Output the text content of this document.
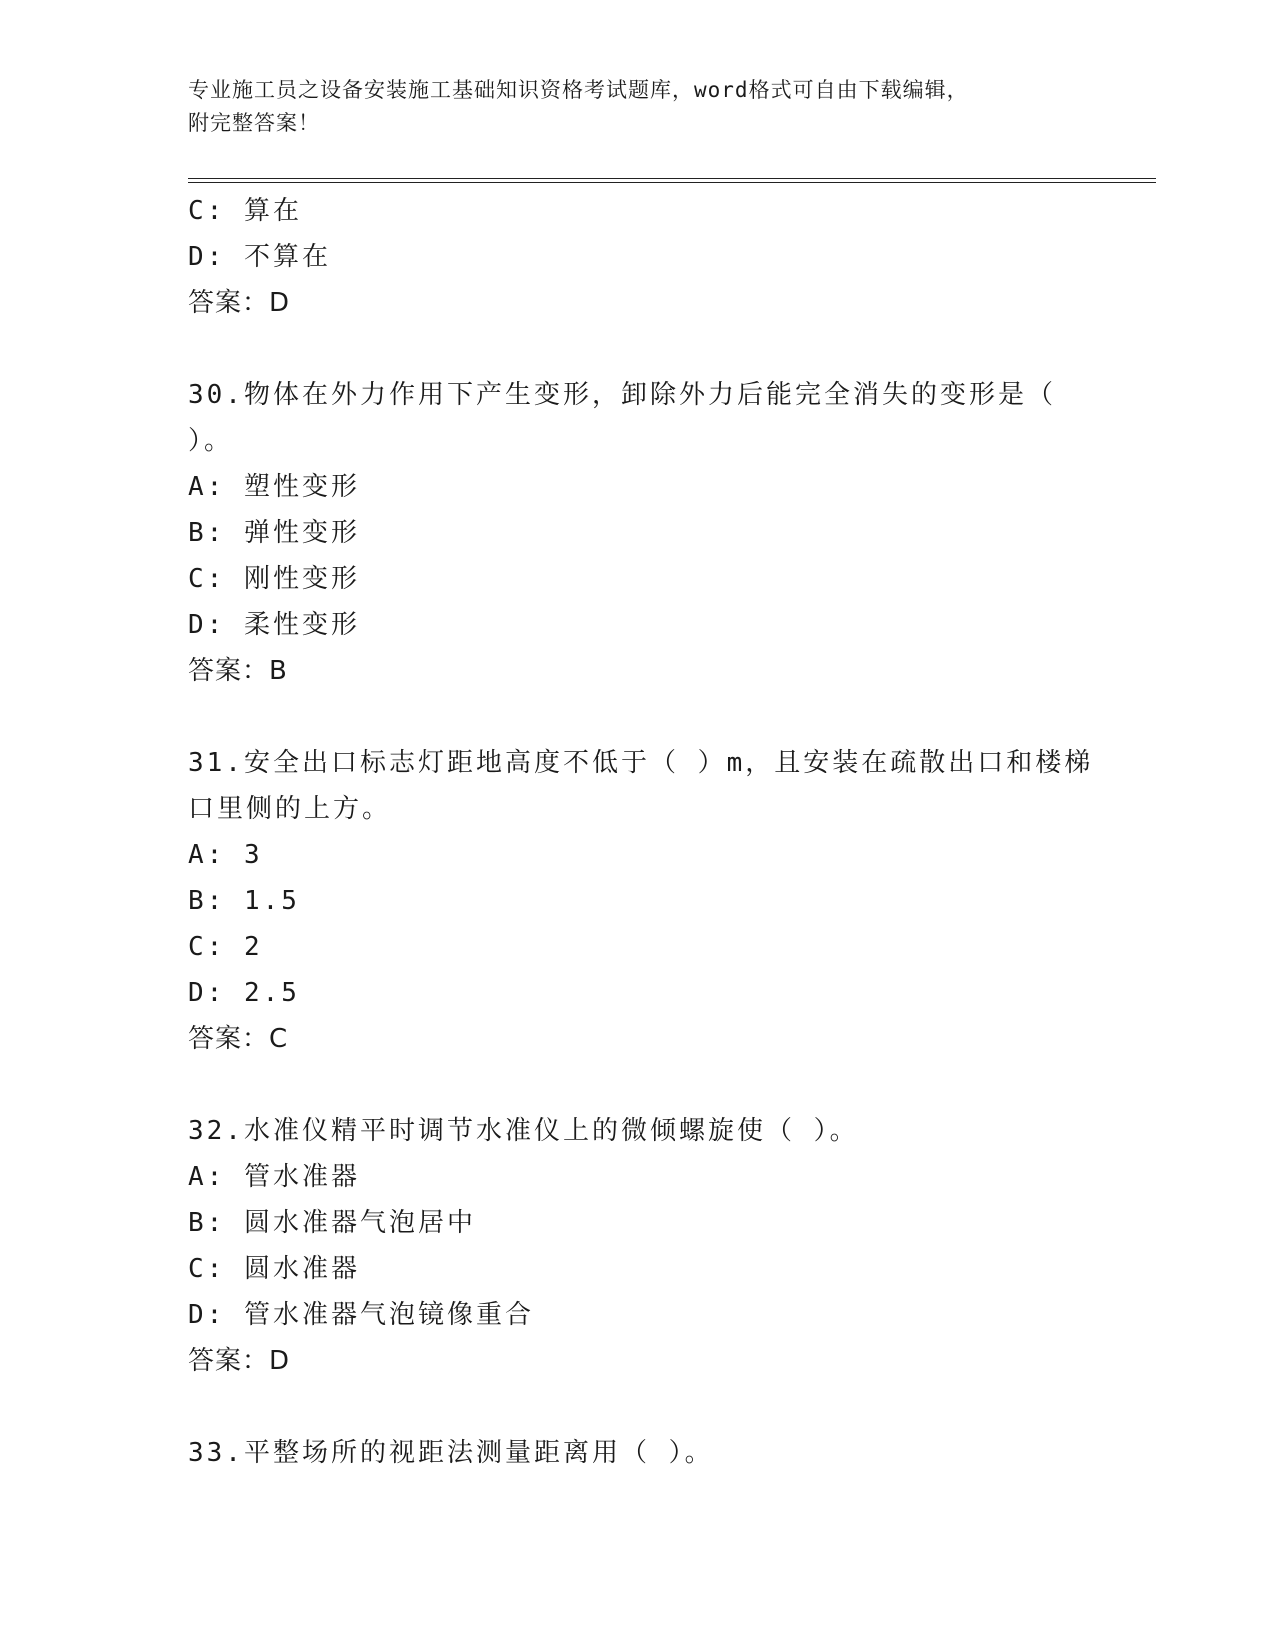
专业施工员之设备安装施工基础知识资格考试题库，word格式可自由下载编辑，
附完整答案！
C: 算在
D: 不算在
答案：D
30.物体在外力作用下产生变形，卸除外力后能完全消失的变形是（
）。
A: 塑性变形
B: 弹性变形
C: 刚性变形
D: 柔性变形
答案：B
31.安全出口标志灯距地高度不低于（ ）m，且安装在疏散出口和楼梯
口里侧的上方。
A: 3
B: 1.5
C: 2
D: 2.5
答案：C
32.水准仪精平时调节水准仪上的微倾螺旋使（ ）。
A: 管水准器
B: 圆水准器气泡居中
C: 圆水准器
D: 管水准器气泡镜像重合
答案：D
33.平整场所的视距法测量距离用（ ）。
